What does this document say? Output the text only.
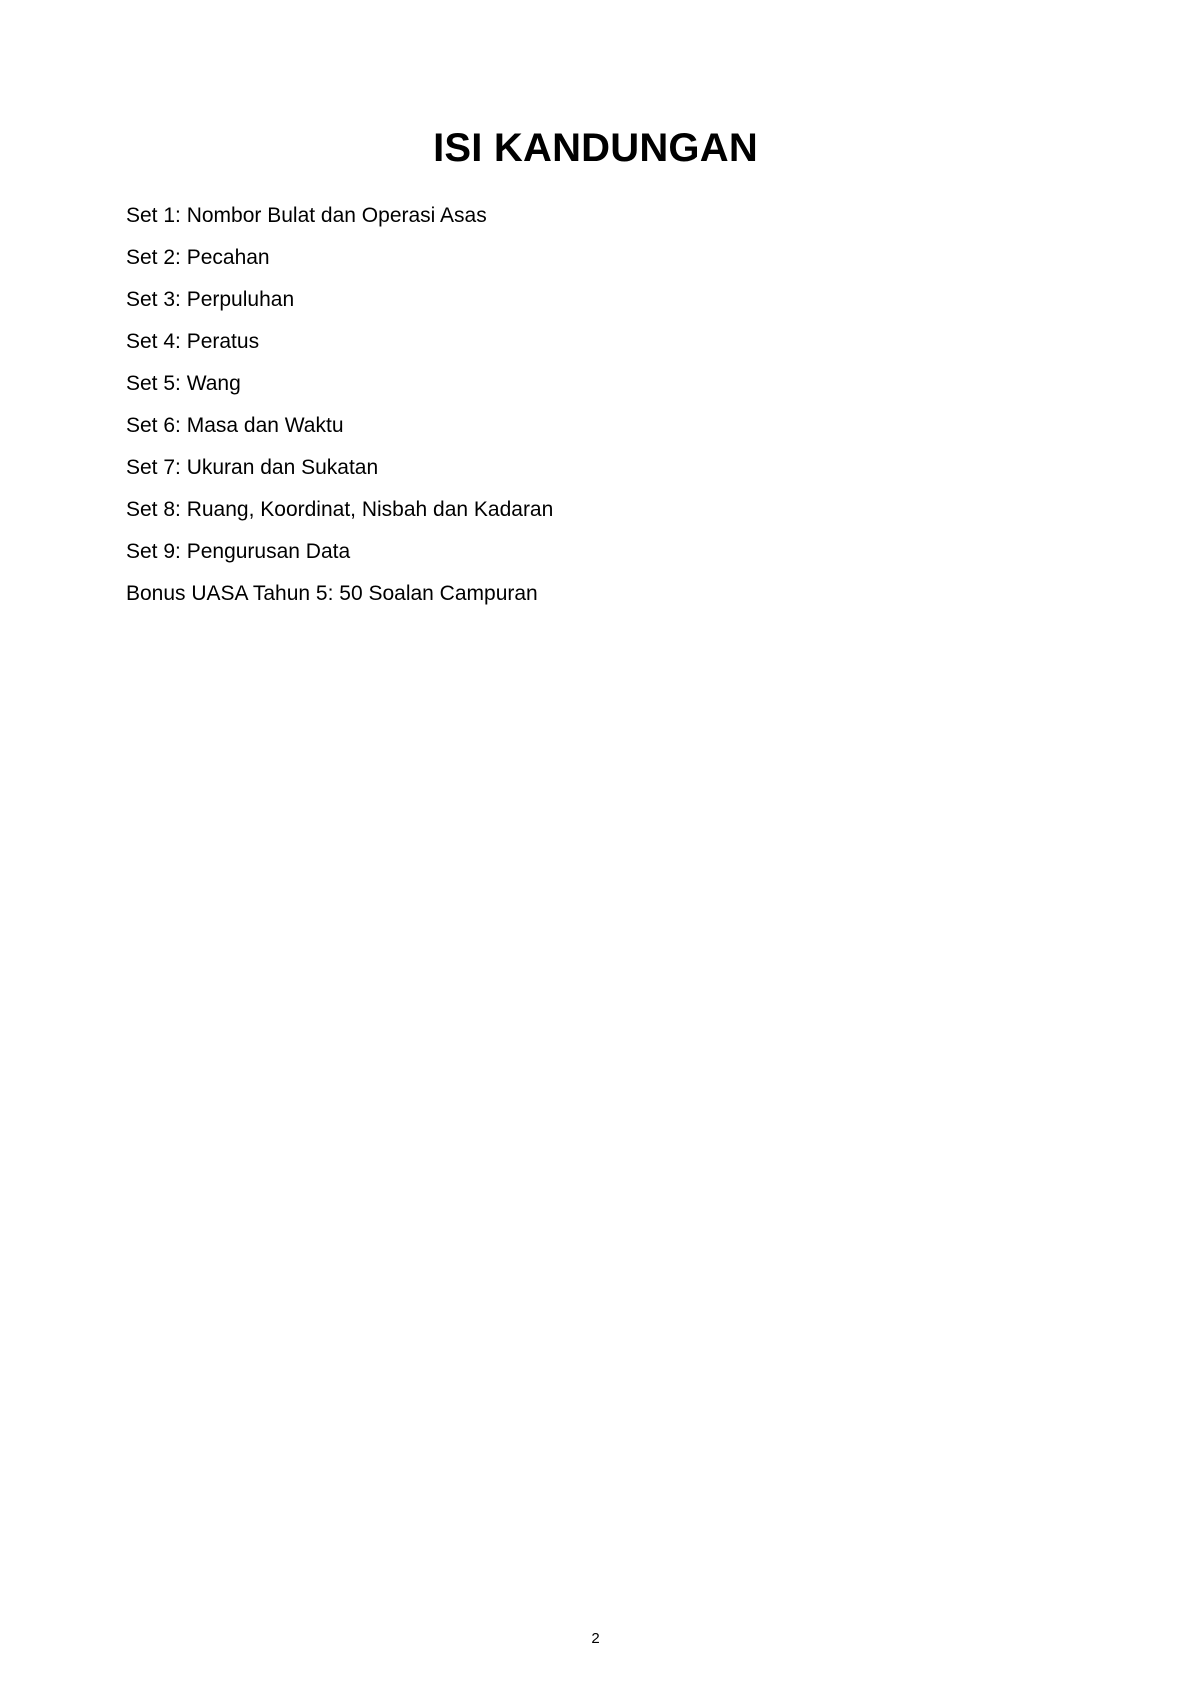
ISI KANDUNGAN
Set 1: Nombor Bulat dan Operasi Asas
Set 2: Pecahan
Set 3: Perpuluhan
Set 4: Peratus
Set 5: Wang
Set 6: Masa dan Waktu
Set 7: Ukuran dan Sukatan
Set 8: Ruang, Koordinat, Nisbah dan Kadaran
Set 9: Pengurusan Data
Bonus UASA Tahun 5: 50 Soalan Campuran
2
